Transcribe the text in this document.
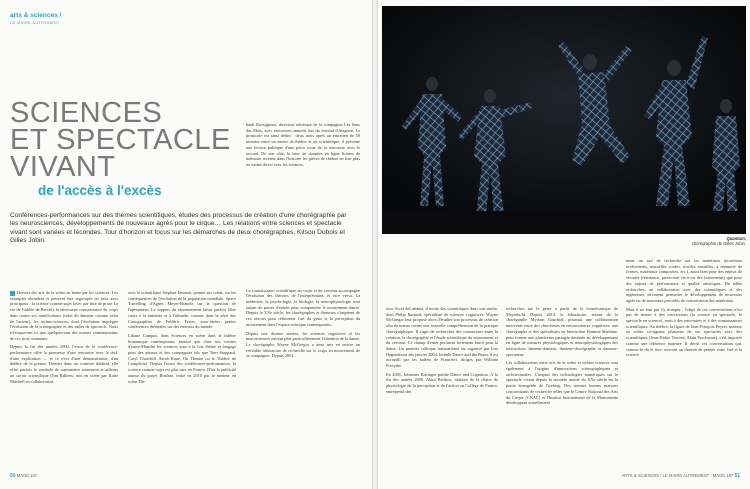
arts & sciences /
LE MAIRE AUTREMENT
SCIENCES
ET SPECTACLE
VIVANT
de l'accès à l'excès

Conférences-performances sur des thèmes scientifiques, études des processus de création d'une chorégraphie par les neurosciences, développements de nouveaux agrès pour le cirque… Les relations entre sciences et spectacle vivant sont variées et fécondes. Tour d'horizon et focus sur les démarches de deux chorégraphes, Kitsou Dubois et Gilles Jobin.

Dresser des arts de la scène en hante par les sciences. Les exemples abondent et peuvent être regroupés en trois axes principaux : la science comme sujet (avec par titre de prose La vie de Galilée de Brecht), la nécessaire connaissance du corps dans toutes ses ramifications (celui du danseur comme celui de l'acteur), les techno-sciences, dont l'évolution imprègne l'évolution de la scénographie et des salles de spectacle. Nous n'évoquerons ici que quelques-uns des avatars contemporains de ces trois communs.

Depuis la fin des années 2000, l'essor de la conférence-performance offre la promesse d'une rencontre avec le réel, d'une explication — et ce n'est d'une démonstration, d'un théâtre de la preuve. Dernier dans un contexte théâtral, elle offre parfois le symbole de transmettre autrement et ailleurs un savoir scientifique (Jim Billiens, mis en scène par Katie Mitchell en collaboration

avec le scientifique Stephan Emmott, permet sur scène, sur les conséquences de l'évolution de la population mondiale. Space Travelling d'Agnes Meyer-Brandis sur la question de l'apesanteur. Le rapport du raisonnement laisse parfois libre cours à la fantaisie et à l'absurde, comme dans la série des Cartographies de Frédéric Ferrer, sous-titrées petites conférences théâtrales sur des endroits du monde.

Liliane Campos, dans Sciences en scène dans le théâtre britannique contemporain, montre que chez nos voisins d'outre-Manche les sciences sont à la fois thème et langage pour des auteurs et des compagnies tels que Tom Stoppard, Caryl Churchill, Sarah Kane, On Theatre ou le Théâtre de Complicité. Depuis l'essor des conférences-performances, la science comme sujet est plus rare en France. D'où la publicité autour du projet Binôme, initié en 2010 par le metteur en scène Thi-

bault Rossigneux, directeur artistique de la compagnie Les Sens des Mots, avec rencontres annuels lors du festival d'Avignon. Le protocole est ainsi défini : deux mois après un entretien de 50 minutes entre un auteur de théâtre et un scientifique, il présente une lecture publique d'une pièce issue de la rencontre avec le second. De son côté, la base de données en ligne Scènes de mémoire recense dans l'histoire les pièces de théâtre en lien plus ou moins direct avec les sciences.

La connaissance scientifique du corps et du cerveau accompagne l'évolution des théories de l'interprétation, et vice versa. La médecine, la psychologie, la biologie, la neurophysiologie sont autant de portes d'entrée pour comprendre le mouvement dansé. Depuis le XXe siècle, les chorégraphes et danseurs s'inspirent de ces savoirs pour réinventer l'art du geste et la perception du mouvement dans l'espace scénique contemporain.

Depuis une dizaine années, les sciences cognitives et les neurosciences entrent plus particulièrement l'attention de la danse. Le chorégraphe Wayne McGregor a ainsi mis en œuvre un véritable laboratoire de recherche sur le corps en mouvement de sa compagnie. Depuis 2001,

50 MAGE 187
Quantum,
chorégraphie de Gilles Jobin.

avec Scott deLahunta, il invite des scientifiques dans son studio, dont Philip Barnard, spécialiste de sciences cognitives. Wayne McGregor leur propose alors d'étudier son processus de création afin de mieux cerner une nouvelle compréhension de la pratique chorégraphique. Il s'agit de rechercher des connexions entre la création, la chorégraphie et l'étude scientifique du mouvement et du cerveau. Ce champ d'entre pertinent fortement lancé pour la danse. Un premier colloque international est organisé par Ivar Hagendoorn dès janvier 2004. Intitulé Dance and the Brain, il est accueilli par les ballets de Francfort, dirigés par William Forsythe.

En 2005, Johannes Birringer publie Dance and Cognition. À la fin des années 2000, Alain Berthoz, titulaire de la chaire de physiologie de la perception et de l'action au Collège de France, entreprend des

recherches sur le geste à partir de la biomécanique de Meyerhold. Depuis 2013, le laboratoire, autour de la chorégraphe Myriam Gourfink, poursuit une collaboration innovante entre des chercheurs en neurosciences cognitives, une chorégraphe et des spécialistes en Interaction Homme Machine, pour former une plateforme partagée destinée au développement en ligne de mesures physiologiques et neurophysiologiques des interactions danseur-danseur, danseur-chorégraphe et danseur-spectateur.

Les collaborations entre arts de la scène et techno-sciences sont également à l'origine d'innovations scénographiques et architecturales. L'impact des technologies numériques sur le spectacle vivant depuis la seconde moitié du XXe siècle est la partie émergente de l'iceberg. Des travaux bonnes maisons concomitants de recherche telles que le Centre National des Arts du Cirque (CNAC) et l'Institut International de la Marionnette développent actuellement

ment un axe de recherche sur les matériaux (nouveaux revêtements, nouvelles cordes, textiles sensibles, à mémoire de formes, matériaux composites, etc.), aussi bien pour des enjeux de sécurité (résistance, protection vis-à-vis des frottements) que pour des enjeux de performance et qualité artistiques. De telles recherches, en collaboration avec des scientifiques et des ingénieurs, devraient permettre le développement de nouveaux agrès ou de nouveaux procédés de conservation des matériaux.

Mais il ne faut pas s'y tromper : l'objet de ces conversations n'est pas de mener à des conversions (la science en spectacle, le spectacle en science), mais à des rencontres et à des connaissances scientifiques. Au théâtre, la figure de Jean-François Peyret, metteur en scène co-signant plusieurs de ses spectacles avec des scientifiques (Jean-Didier Vincent, Alain Prochiantz), s'est imposée comme une référence majeure. Il décrit ces conversations qui, comme le dit le titre, ouvrent un chemin de pensée entre l'art et la science.

ARTS & SCIENCES / LE MAIRE AUTREMENT · MAGE 187 51
